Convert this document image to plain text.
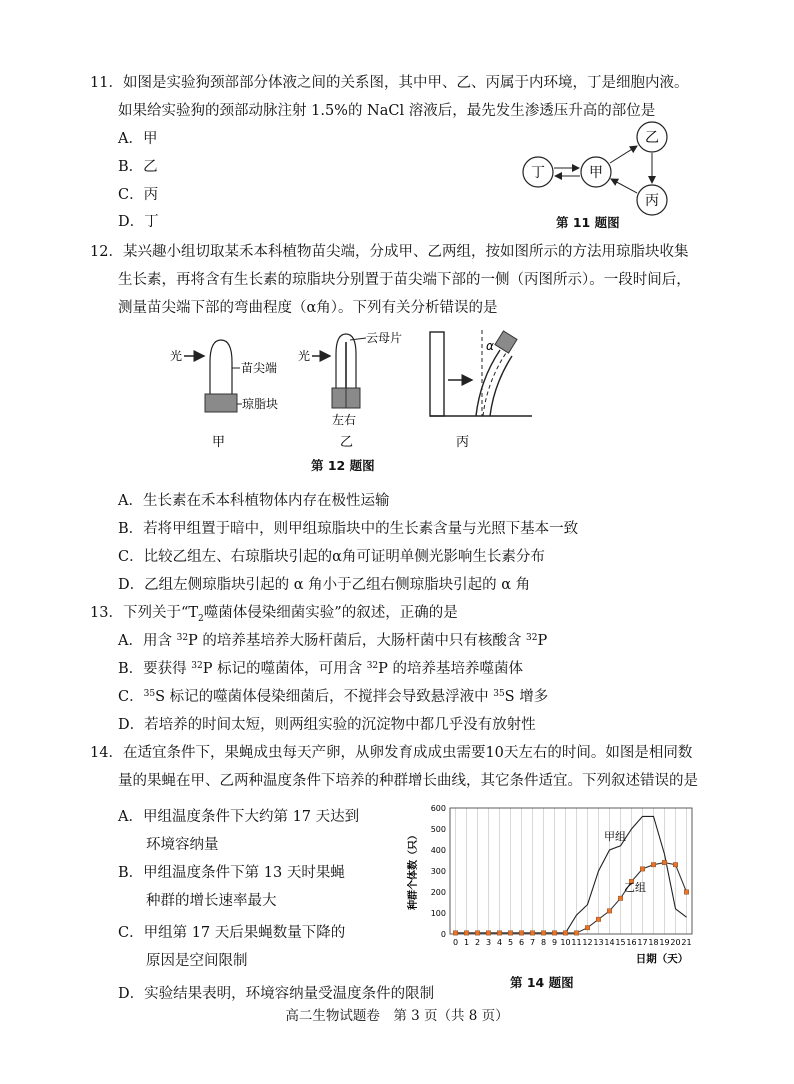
11．如图是实验狗颈部部分体液之间的关系图，其中甲、乙、丙属于内环境，丁是细胞内液。
如果给实验狗的颈部动脉注射 1.5%的 NaCl 溶液后，最先发生渗透压升高的部位是
A．甲
B．乙
C．丙
D．丁
丁	甲
乙
丙
第 11 题图
12．某兴趣小组切取某禾本科植物苗尖端，分成甲、乙两组，按如图所示的方法用琼脂块收集
生长素，再将含有生长素的琼脂块分别置于苗尖端下部的一侧（丙图所示）。一段时间后，
测量苗尖端下部的弯曲程度（α角）。下列有关分析错误的是
光
苗尖端
琼脂块
甲
光
云母片
左右
乙
α
丙
第 12 题图
A．生长素在禾本科植物体内存在极性运输
B．若将甲组置于暗中，则甲组琼脂块中的生长素含量与光照下基本一致
C．比较乙组左、右琼脂块引起的α角可证明单侧光影响生长素分布
D．乙组左侧琼脂块引起的 α 角小于乙组右侧琼脂块引起的 α 角
13．下列关于“$T_2$噬菌体侵染细菌实验”的叙述，正确的是
A．用含 $^{32}$P 的培养基培养大肠杆菌后，大肠杆菌中只有核酸含 $^{32}$P
B．要获得 $^{32}$P 标记的噬菌体，可用含 $^{32}$P 的培养基培养噬菌体
C．$^{35}$S 标记的噬菌体侵染细菌后，不搅拌会导致悬浮液中 $^{35}$S 增多
D．若培养的时间太短，则两组实验的沉淀物中都几乎没有放射性
14．在适宜条件下，果蝇成虫每天产卵，从卵发育成成虫需要10天左右的时间。如图是相同数
量的果蝇在甲、乙两种温度条件下培养的种群增长曲线，其它条件适宜。下列叙述错误的是
A．甲组温度条件下大约第 17 天达到
环境容纳量
B．甲组温度条件下第 13 天时果蝇
种群的增长速率最大
C．甲组第 17 天后果蝇数量下降的
原因是空间限制
D．实验结果表明，环境容纳量受温度条件的限制
0
100
200
300
400
500
600
0 1 2 3 4 5 6 7 8 9 10 11 12 13 14 15 16 17 18 19 20 21
种群个体数（只）
日期（天）
甲组
乙组
第 14 题图
高二生物试题卷　第 3 页（共 8 页）
